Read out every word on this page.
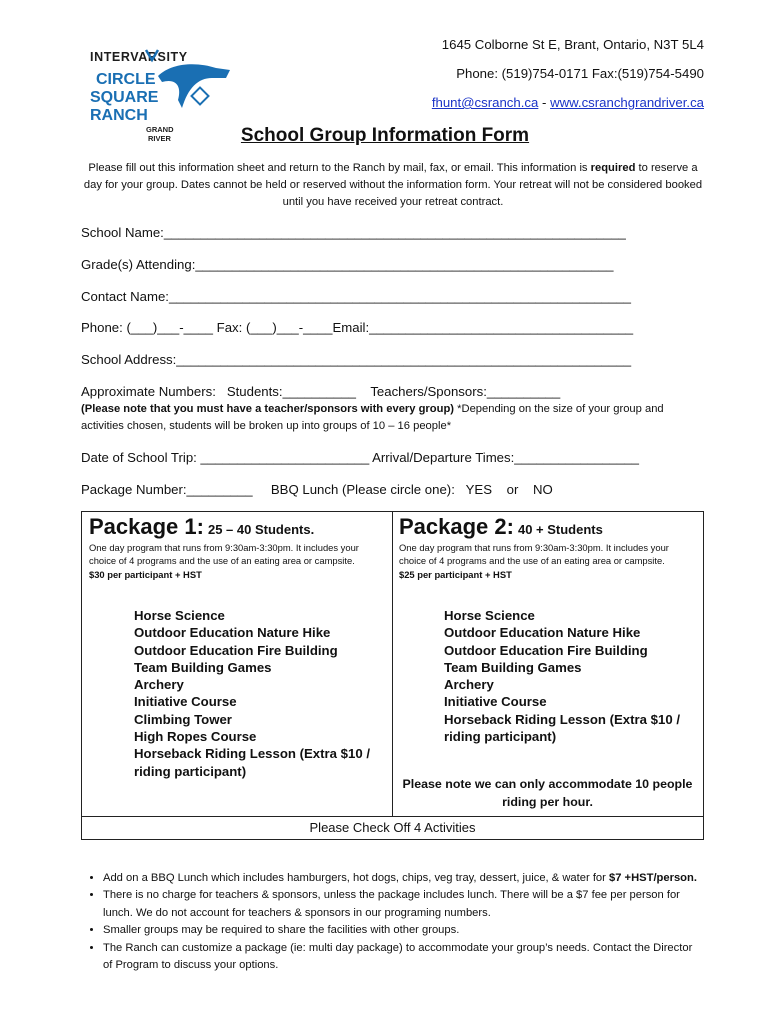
INTERVARSITY
CIRCLE
SQUARE
RANCH
GRAND
RIVER
1645 Colborne St E, Brant, Ontario, N3T 5L4
Phone: (519)754-0171 Fax:(519)754-5490
fhunt@csranch.ca - www.csranchgrandriver.ca
School Group Information Form
Please fill out this information sheet and return to the Ranch by mail, fax, or email. This information is required to reserve a day for your group. Dates cannot be held or reserved without the information form. Your retreat will not be considered booked until you have received your retreat contract.
School Name:_______________________________________________________________
Grade(s) Attending:_________________________________________________________
Contact Name:_______________________________________________________________
Phone: (___)___-____ Fax: (___)___-____Email:____________________________________
School Address:______________________________________________________________
Approximate Numbers:   Students:__________    Teachers/Sponsors:__________
(Please note that you must have a teacher/sponsors with every group) *Depending on the size of your group and activities chosen, students will be broken up into groups of 10 – 16 people*
Date of School Trip: _______________________ Arrival/Departure Times:_________________
Package Number:_________     BBQ Lunch (Please circle one):   YES    or    NO
Package 1: 25 – 40 Students.
One day program that runs from 9:30am-3:30pm. It includes your choice of 4 programs and the use of an eating area or campsite.
$30 per participant + HST
Horse Science
Outdoor Education Nature Hike
Outdoor Education Fire Building
Team Building Games
Archery
Initiative Course
Climbing Tower
High Ropes Course
Horseback Riding Lesson (Extra $10 / riding participant)
Package 2: 40 + Students
One day program that runs from 9:30am-3:30pm. It includes your choice of 4 programs and the use of an eating area or campsite.
$25 per participant + HST
Horse Science
Outdoor Education Nature Hike
Outdoor Education Fire Building
Team Building Games
Archery
Initiative Course
Horseback Riding Lesson (Extra $10 / riding participant)
Please note we can only accommodate 10 people riding per hour.
Please Check Off 4 Activities
• Add on a BBQ Lunch which includes hamburgers, hot dogs, chips, veg tray, dessert, juice, & water for $7 +HST/person.
• There is no charge for teachers & sponsors, unless the package includes lunch. There will be a $7 fee per person for lunch. We do not account for teachers & sponsors in our programing numbers.
• Smaller groups may be required to share the facilities with other groups.
• The Ranch can customize a package (ie: multi day package) to accommodate your group’s needs. Contact the Director of Program to discuss your options.
